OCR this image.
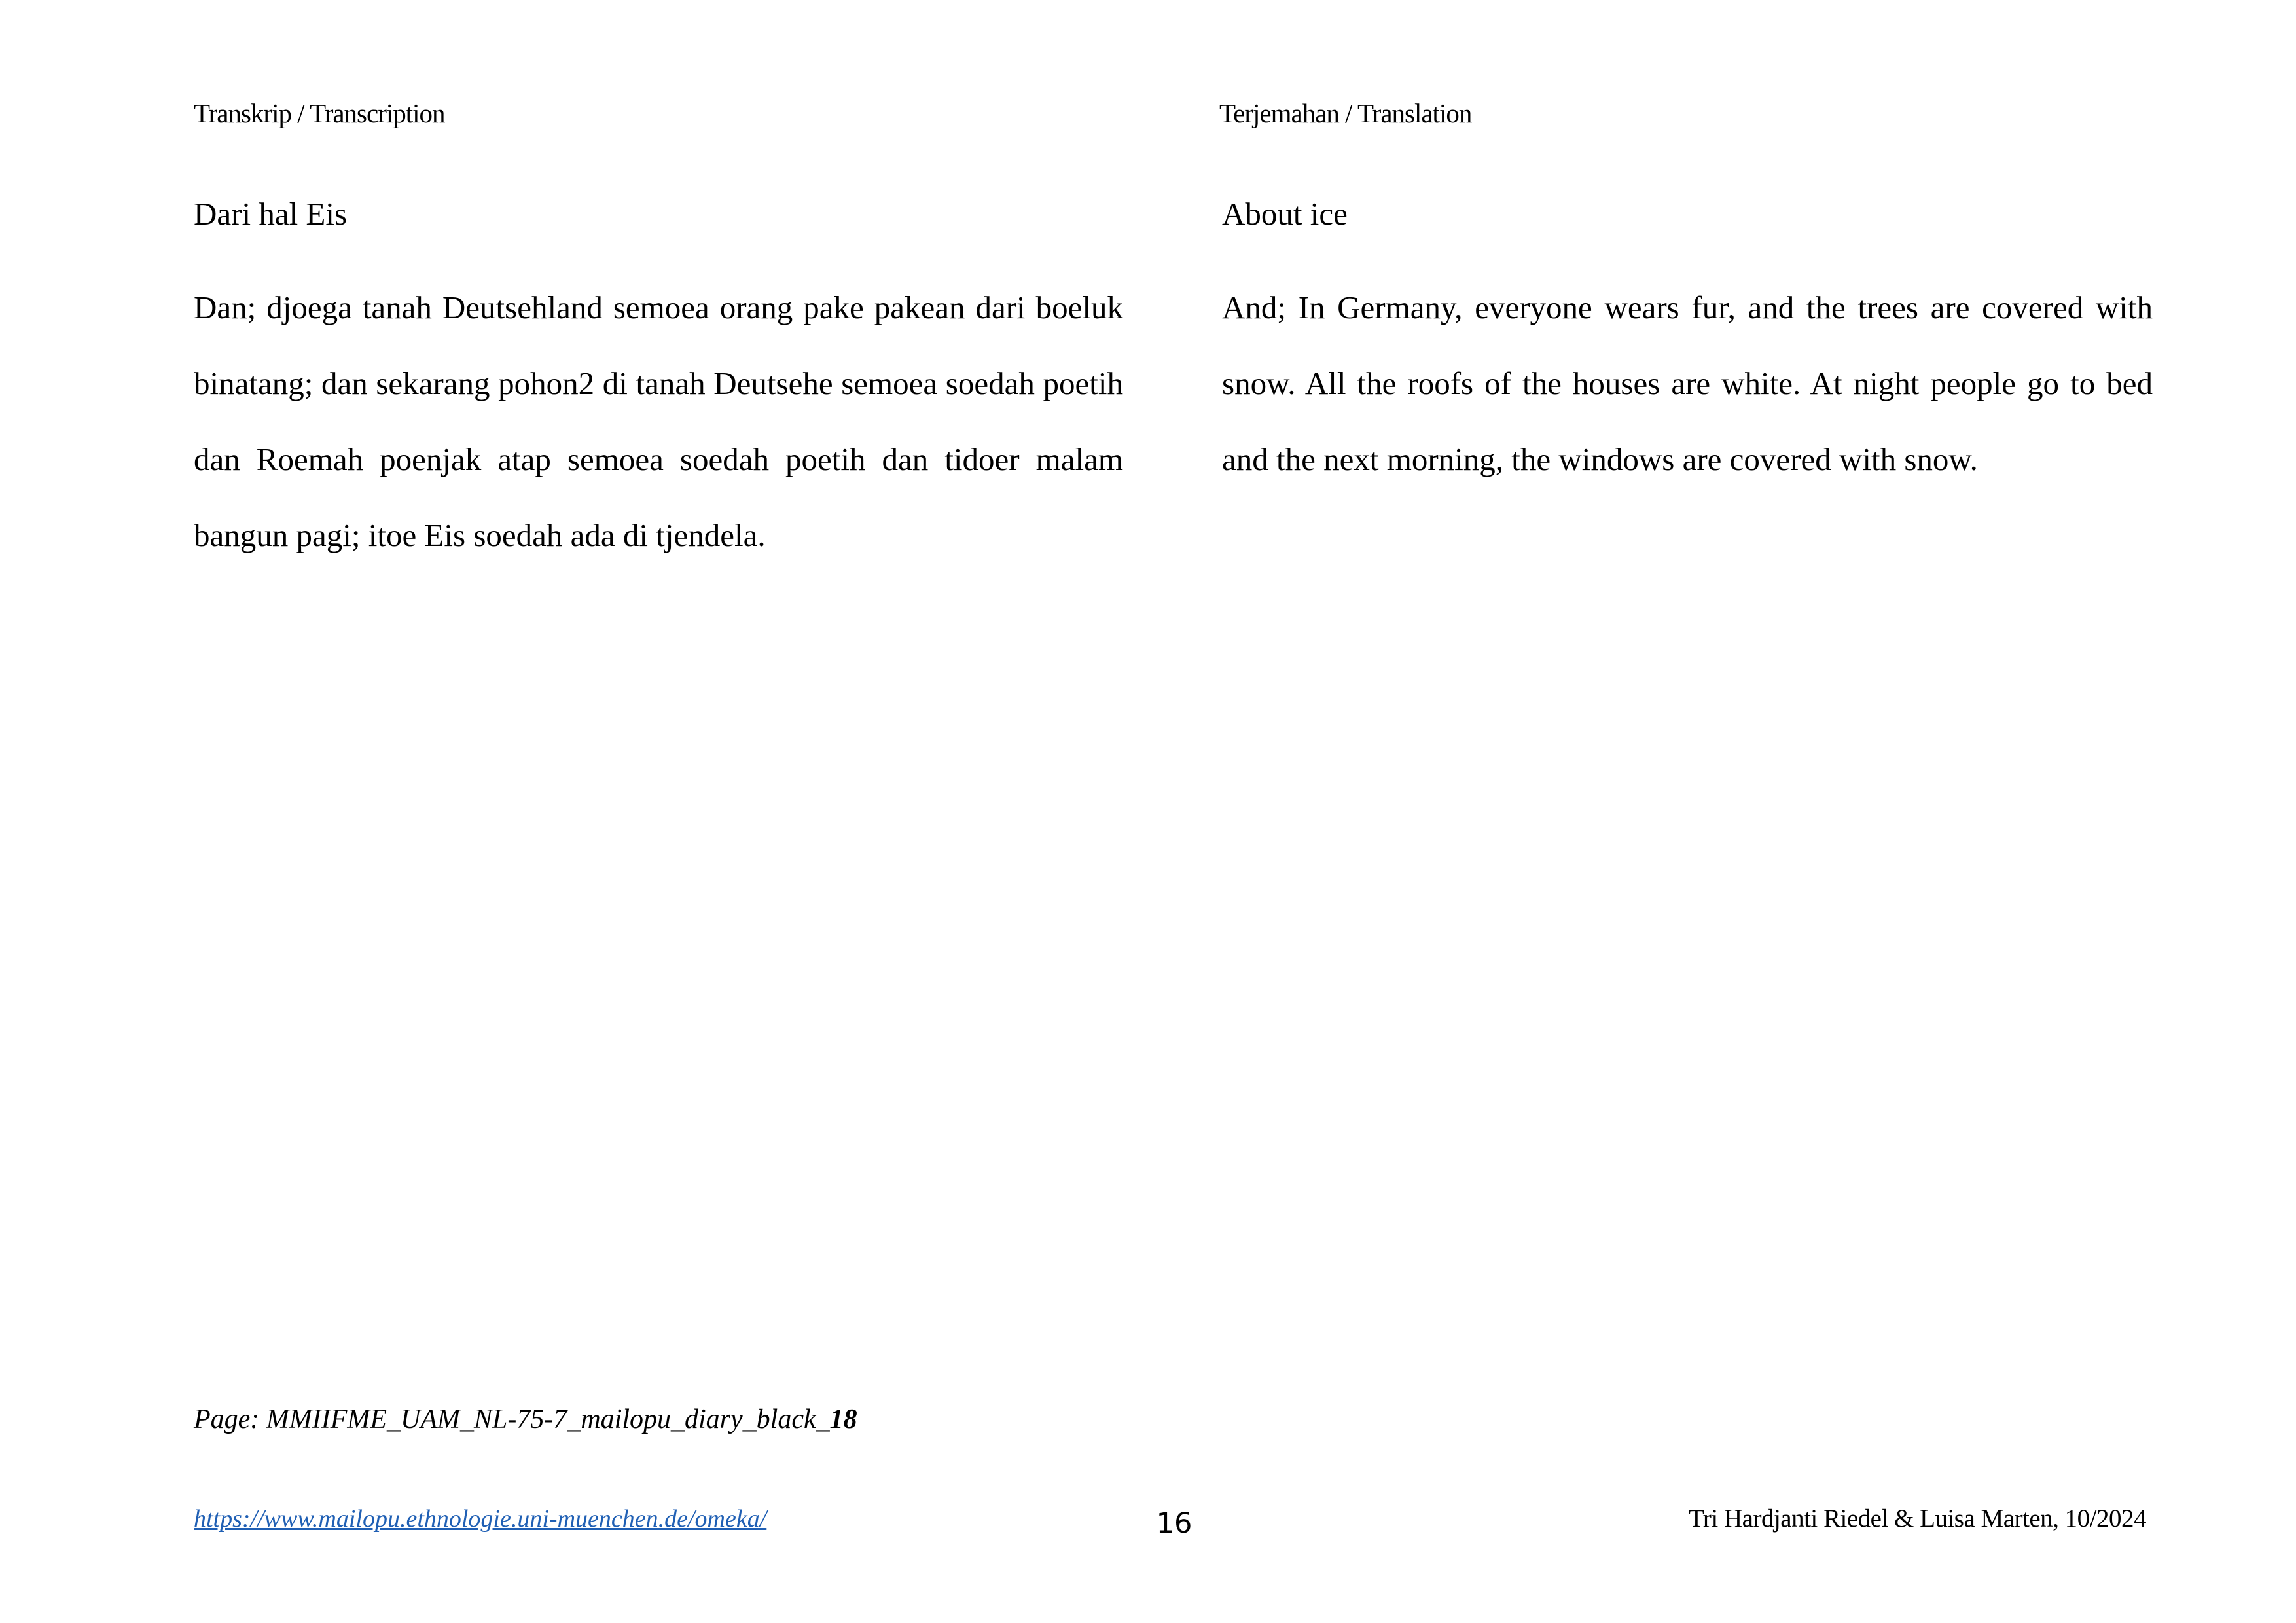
Transkrip / Transcription
Dari hal Eis

Dan; djoega tanah Deutsehland semoea orang pake pakean dari boeluk binatang; dan sekarang pohon2 di tanah Deutsehe semoea soedah poetih dan Roemah poenjak atap semoea soedah poetih dan tidoer malam bangun pagi; itoe Eis soedah ada di tjendela.

Terjemahan / Translation
About ice

And; In Germany, everyone wears fur, and the trees are covered with snow. All the roofs of the houses are white. At night people go to bed and the next morning, the windows are covered with snow.

Page: MMIIFME_UAM_NL-75-7_mailopu_diary_black_18
https://www.mailopu.ethnologie.uni-muenchen.de/omeka/	16	Tri Hardjanti Riedel & Luisa Marten, 10/2024
